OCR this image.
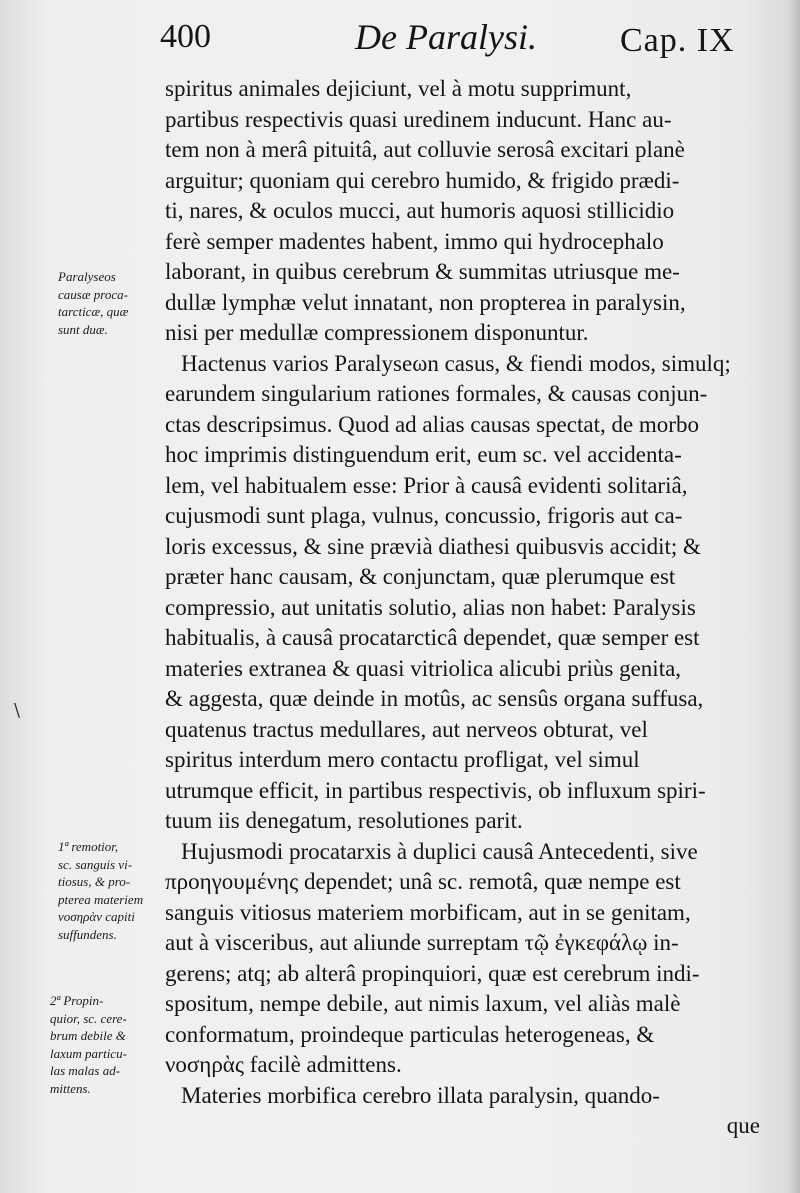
400	De Paralysi. Cap. IX
Paralyseos
causæ proca-
tarcticæ, quæ
sunt duæ.
1ª remotior,
sc. sanguis vi-
tiosus, & pro-
pterea materiem
νoσηρὰν capiti
suffundens.
2ª Propin-
quior, sc. cere-
brum debile &
laxum particu-
las malas ad-
mittens.
\
spiritus animales dejiciunt, vel à motu supprimunt,
partibus respectivis quasi uredinem inducunt. Hanc au-
tem non à merâ pituitâ, aut colluvie serosâ excitari planè
arguitur; quoniam qui cerebro humido, & frigido prædi-
ti, nares, & oculos mucci, aut humoris aquosi stillicidio
ferè semper madentes habent, immo qui hydrocephalo
laborant, in quibus cerebrum & summitas utriusque me-
dullæ lymphæ velut innatant, non propterea in paralysin,
nisi per medullæ compressionem disponuntur.
Hactenus varios Paralyseωn casus, & fiendi modos, simulq;
earundem singularium rationes formales, & causas conjun-
ctas descripsimus. Quod ad alias causas spectat, de morbo
hoc imprimis distinguendum erit, eum sc. vel accidenta-
lem, vel habitualem esse: Prior à causâ evidenti solitariâ,
cujusmodi sunt plaga, vulnus, concussio, frigoris aut ca-
loris excessus, & sine prævià diathesi quibusvis accidit; &
præter hanc causam, & conjunctam, quæ plerumque est
compressio, aut unitatis solutio, alias non habet: Paralysis
habitualis, à causâ procatarcticâ dependet, quæ semper est
materies extranea & quasi vitriolica alicubi priùs genita,
& aggesta, quæ deinde in motûs, ac sensûs organa suffusa,
quatenus tractus medullares, aut nerveos obturat, vel
spiritus interdum mero contactu profligat, vel simul
utrumque efficit, in partibus respectivis, ob influxum spiri-
tuum iis denegatum, resolutiones parit.
Hujusmodi procatarxis à duplici causâ Antecedenti, sive
πρoηγoυμένης dependet; unâ sc. remotâ, quæ nempe est
sanguis vitiosus materiem morbificam, aut in se genitam,
aut à visceribus, aut aliunde surreptam τῷ ἐγκεφάλῳ in-
gerens; atq; ab alterâ propinquiori, quæ est cerebrum indi-
spositum, nempe debile, aut nimis laxum, vel aliàs malè
conformatum, proindeque particulas heterogeneas, &
νoσηρὰς facilè admittens.
Materies morbifica cerebro illata paralysin, quando-
que
